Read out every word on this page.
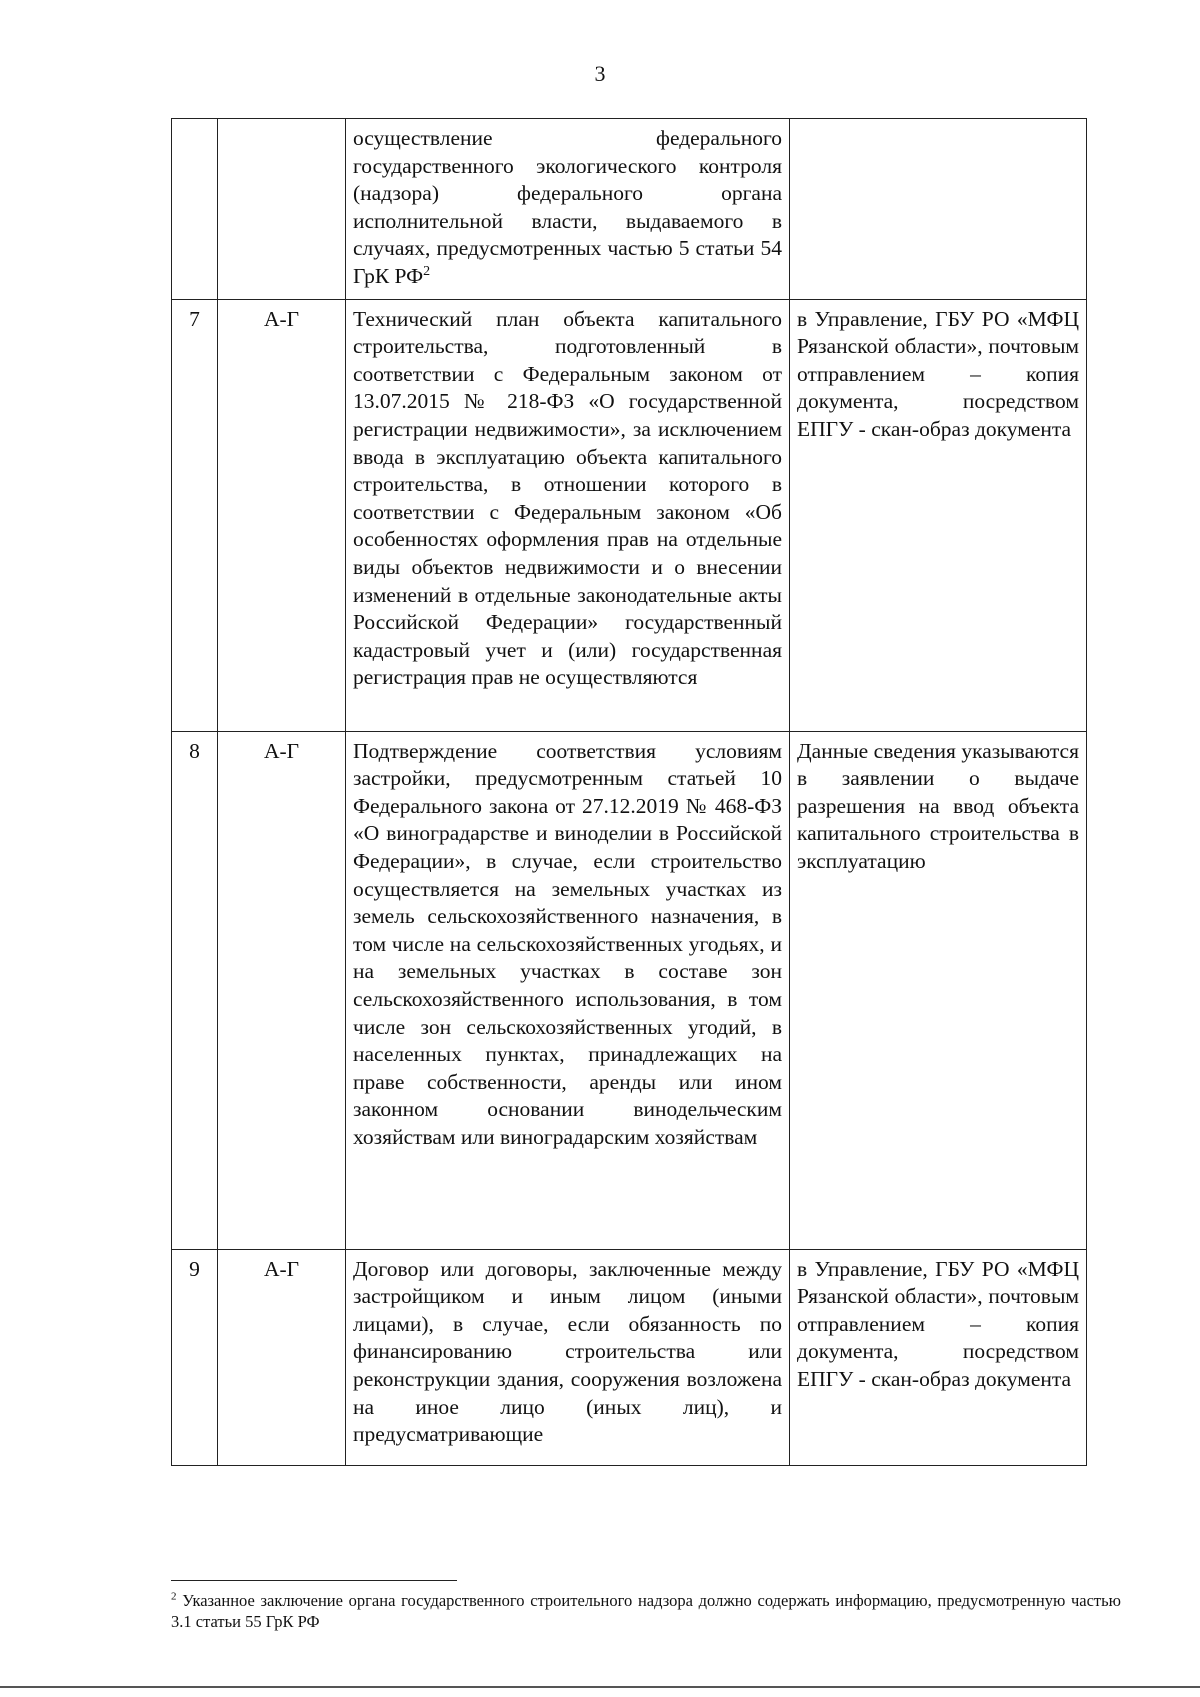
3

		осуществление федерального государственного экологического контроля (надзора) федерального органа исполнительной власти, выдаваемого в случаях, предусмотренных частью 5 статьи 54 ГрК $РФ^2$

7	А-Г	Технический план объекта капитального строительства, подготовленный в соответствии с Федеральным законом от 13.07.2015 № 218-ФЗ «О государственной регистрации недвижимости», за исключением ввода в эксплуатацию объекта капитального строительства, в отношении которого в соответствии с Федеральным законом «Об особенностях оформления прав на отдельные виды объектов недвижимости и о внесении изменений в отдельные законодательные акты Российской Федерации» государственный кадастровый учет и (или) государственная регистрация прав не осуществляются	в Управление, ГБУ РО «МФЦ Рязанской области», почтовым отправлением – копия документа, посредством ЕПГУ - скан-образ документа

8	А-Г	Подтверждение соответствия условиям застройки, предусмотренным статьей 10 Федерального закона от 27.12.2019 № 468-ФЗ «О виноградарстве и виноделии в Российской Федерации», в случае, если строительство осуществляется на земельных участках из земель сельскохозяйственного назначения, в том числе на сельскохозяйственных угодьях, и на земельных участках в составе зон сельскохозяйственного использования, в том числе зон сельскохозяйственных угодий, в населенных пунктах, принадлежащих на праве собственности, аренды или ином законном основании винодельческим хозяйствам или виноградарским хозяйствам	Данные сведения указываются в заявлении о выдаче разрешения на ввод объекта капитального строительства в эксплуатацию

9	А-Г	Договор или договоры, заключенные между застройщиком и иным лицом (иными лицами), в случае, если обязанность по финансированию строительства или реконструкции здания, сооружения возложена на иное лицо (иных лиц), и предусматривающие	в Управление, ГБУ РО «МФЦ Рязанской области», почтовым отправлением – копия документа, посредством ЕПГУ - скан-образ документа
$^2$ Указанное заключение органа государственного строительного надзора должно содержать информацию, предусмотренную частью 3.1 статьи 55 ГрК РФ
